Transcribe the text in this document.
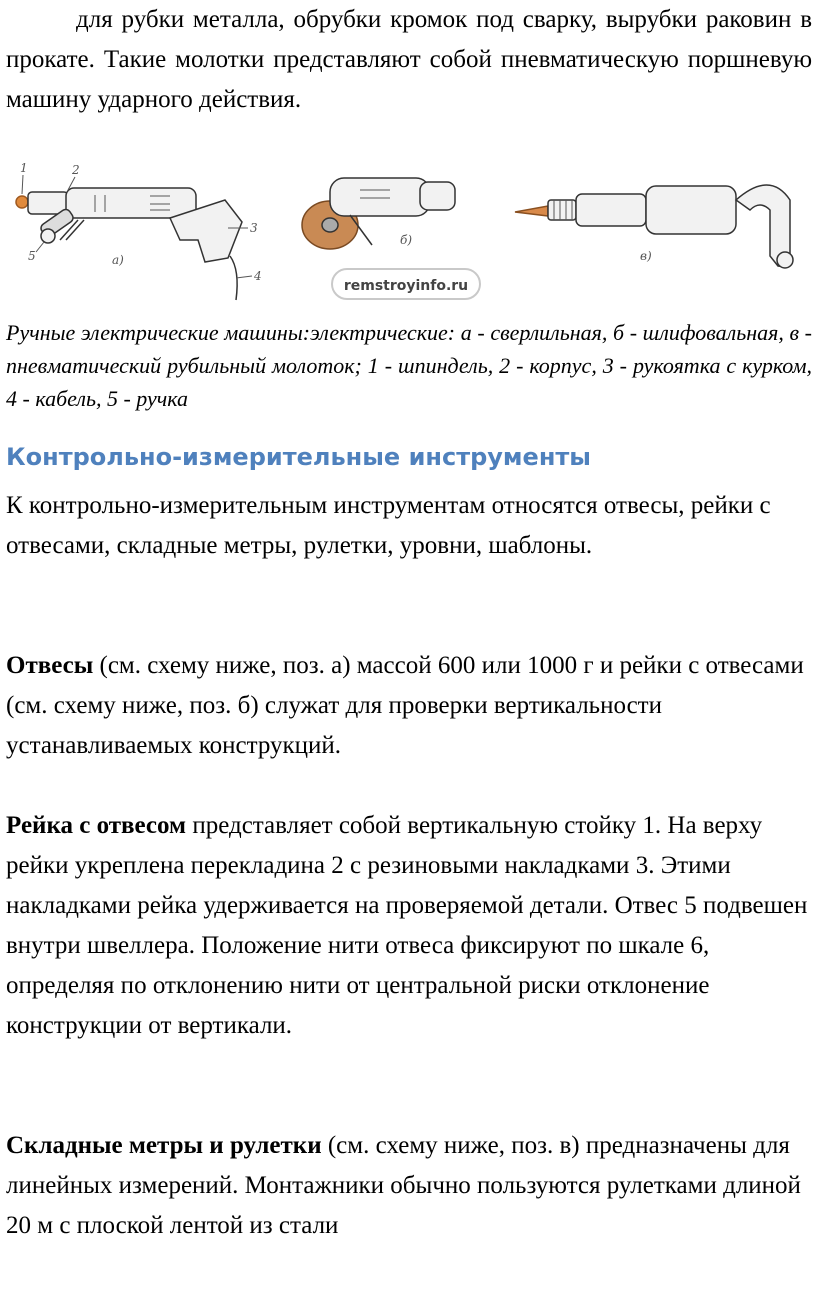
для рубки металла, обрубки кромок под сварку, вырубки раковин в прокате. Такие молотки представляют собой пневматическую поршневую машину ударного действия.

1	2
3
4
5	а)
б)
remstroyinfo.ru
в)
Ручные электрические машины:электрические: а - сверлильная, б - шлифовальная, в - пневматический рубильный молоток; 1 - шпиндель, 2 - корпус, 3 - рукоятка с курком, 4 - кабель, 5 - ручка
Контрольно-измерительные инструменты

К контрольно-измерительным инструментам относятся отвесы, рейки с отвесами, складные метры, рулетки, уровни, шаблоны.

Отвесы (см. схему ниже, поз. а) массой 600 или 1000 г и рейки с отвесами (см. схему ниже, поз. б) служат для проверки вертикальности устанавливаемых конструкций.

Рейка с отвесом представляет собой вертикальную стойку 1. На верху рейки укреплена перекладина 2 с резиновыми накладками 3. Этими накладками рейка удерживается на проверяемой детали. Отвес 5 подвешен внутри швеллера. Положение нити отвеса фиксируют по шкале 6, определяя по отклонению нити от центральной риски отклонение конструкции от вертикали.

Складные метры и рулетки (см. схему ниже, поз. в) предназначены для линейных измерений. Монтажники обычно пользуются рулетками длиной 20 м с плоской лентой из стали
